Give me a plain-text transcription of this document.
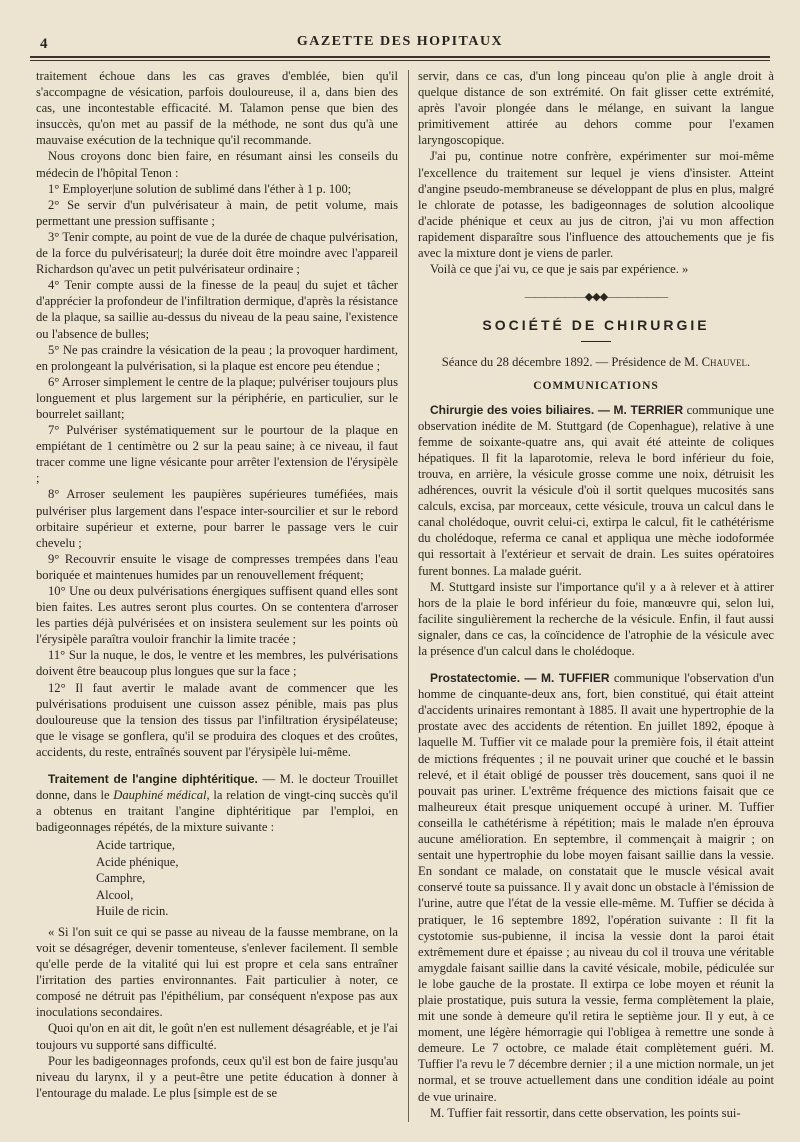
4	GAZETTE DES HOPITAUX

traitement échoue dans les cas graves d'emblée, bien qu'il s'accompagne de vésication, parfois douloureuse, il a, dans bien des cas, une incontestable efficacité. M. Talamon pense que bien des insuccès, qu'on met au passif de la méthode, ne sont dus qu'à une mauvaise exécution de la technique qu'il recommande.

Nous croyons donc bien faire, en résumant ainsi les conseils du médecin de l'hôpital Tenon :

1° Employer|une solution de sublimé dans l'éther à 1 p. 100;

2° Se servir d'un pulvérisateur à main, de petit volume, mais permettant une pression suffisante ;

3° Tenir compte, au point de vue de la durée de chaque pulvérisation, de la force du pulvérisateur|; la durée doit être moindre avec l'appareil Richardson qu'avec un petit pulvérisateur ordinaire ;

4° Tenir compte aussi de la finesse de la peau| du sujet et tâcher d'apprécier la profondeur de l'infiltration dermique, d'après la résistance de la plaque, sa saillie au-dessus du niveau de la peau saine, l'existence ou l'absence de bulles;

5° Ne pas craindre la vésication de la peau ; la provoquer hardiment, en prolongeant la pulvérisation, si la plaque est encore peu étendue ;

6° Arroser simplement le centre de la plaque; pulvériser toujours plus longuement et plus largement sur la périphérie, en particulier, sur le bourrelet saillant;

7° Pulvériser systématiquement sur le pourtour de la plaque en empiétant de 1 centimètre ou 2 sur la peau saine; à ce niveau, il faut tracer comme une ligne vésicante pour arrêter l'extension de l'érysipèle ;

8° Arroser seulement les paupières supérieures tuméfiées, mais pulvériser plus largement dans l'espace inter-sourcilier et sur le rebord orbitaire supérieur et externe, pour barrer le passage vers le cuir chevelu ;

9° Recouvrir ensuite le visage de compresses trempées dans l'eau boriquée et maintenues humides par un renouvellement fréquent;

10° Une ou deux pulvérisations énergiques suffisent quand elles sont bien faites. Les autres seront plus courtes. On se contentera d'arroser les parties déjà pulvérisées et on insistera seulement sur les points où l'érysipèle paraîtra vouloir franchir la limite tracée ;

11° Sur la nuque, le dos, le ventre et les membres, les pulvérisations doivent être beaucoup plus longues que sur la face ;

12° Il faut avertir le malade avant de commencer que les pulvérisations produisent une cuisson assez pénible, mais pas plus douloureuse que la tension des tissus par l'infiltration érysipélateuse; que le visage se gonflera, qu'il se produira des cloques et des croûtes, accidents, du reste, entraînés souvent par l'érysipèle lui-même.

Traitement de l'angine diphtéritique. — M. le docteur Trouillet donne, dans le Dauphiné médical, la relation de vingt-cinq succès qu'il a obtenus en traitant l'angine diphtéritique par l'emploi, en badigeonnages répétés, de la mixture suivante :

Acide tartrique,
Acide phénique,
Camphre,
Alcool,
Huile de ricin.

« Si l'on suit ce qui se passe au niveau de la fausse membrane, on la voit se désagréger, devenir tomenteuse, s'enlever facilement. Il semble qu'elle perde de la vitalité qui lui est propre et cela sans entraîner l'irritation des parties environnantes. Fait particulier à noter, ce composé ne détruit pas l'épithélium, par conséquent n'expose pas aux inoculations secondaires.

Quoi qu'on en ait dit, le goût n'en est nullement désagréable, et je l'ai toujours vu supporté sans difficulté.

Pour les badigeonnages profonds, ceux qu'il est bon de faire jusqu'au niveau du larynx, il y a peut-être une petite éducation à donner à l'entourage du malade. Le plus [simple est de se

servir, dans ce cas, d'un long pinceau qu'on plie à angle droit à quelque distance de son extrémité. On fait glisser cette extrémité, après l'avoir plongée dans le mélange, en suivant la langue primitivement attirée au dehors comme pour l'examen laryngoscopique.

J'ai pu, continue notre confrère, expérimenter sur moi-même l'excellence du traitement sur lequel je viens d'insister. Atteint d'angine pseudo-membraneuse se développant de plus en plus, malgré le chlorate de potasse, les badigeonnages de solution alcoolique d'acide phénique et ceux au jus de citron, j'ai vu mon affection rapidement disparaître sous l'influence des attouchements que je fis avec la mixture dont je viens de parler.

Voilà ce que j'ai vu, ce que je sais par expérience. »

——————◆◆◆——————
SOCIÉTÉ DE CHIRURGIE

Séance du 28 décembre 1892. — Présidence de M. Chauvel.

COMMUNICATIONS

Chirurgie des voies biliaires. — M. TERRIER communique une observation inédite de M. Stuttgard (de Copenhague), relative à une femme de soixante-quatre ans, qui avait été atteinte de coliques hépatiques. Il fit la laparotomie, releva le bord inférieur du foie, trouva, en arrière, la vésicule grosse comme une noix, détruisit les adhérences, ouvrit la vésicule d'où il sortit quelques mucosités sans calculs, excisa, par morceaux, cette vésicule, trouva un calcul dans le canal cholédoque, ouvrit celui-ci, extirpa le calcul, fit le cathétérisme du cholédoque, referma ce canal et appliqua une mèche iodoformée qui ressortait à l'extérieur et servait de drain. Les suites opératoires furent bonnes. La malade guérit.

M. Stuttgard insiste sur l'importance qu'il y a à relever et à attirer hors de la plaie le bord inférieur du foie, manœuvre qui, selon lui, facilite singulièrement la recherche de la vésicule. Enfin, il faut aussi signaler, dans ce cas, la coïncidence de l'atrophie de la vésicule avec la présence d'un calcul dans le cholédoque.

Prostatectomie. — M. TUFFIER communique l'observation d'un homme de cinquante-deux ans, fort, bien constitué, qui était atteint d'accidents urinaires remontant à 1885. Il avait une hypertrophie de la prostate avec des accidents de rétention. En juillet 1892, époque à laquelle M. Tuffier vit ce malade pour la première fois, il était atteint de mictions fréquentes ; il ne pouvait uriner que couché et le bassin relevé, et il était obligé de pousser très doucement, sans quoi il ne pouvait pas uriner. L'extrême fréquence des mictions faisait que ce malheureux était presque uniquement occupé à uriner. M. Tuffier conseilla le cathétérisme à répétition; mais le malade n'en éprouva aucune amélioration. En septembre, il commençait à maigrir ; on sentait une hypertrophie du lobe moyen faisant saillie dans la vessie. En sondant ce malade, on constatait que le muscle vésical avait conservé toute sa puissance. Il y avait donc un obstacle à l'émission de l'urine, autre que l'état de la vessie elle-même. M. Tuffier se décida à pratiquer, le 16 septembre 1892, l'opération suivante : Il fit la cystotomie sus-pubienne, il incisa la vessie dont la paroi était extrêmement dure et épaisse ; au niveau du col il trouva une véritable amygdale faisant saillie dans la cavité vésicale, mobile, pédiculée sur le lobe gauche de la prostate. Il extirpa ce lobe moyen et réunit la plaie prostatique, puis sutura la vessie, ferma complètement la plaie, mit une sonde à demeure qu'il retira le septième jour. Il y eut, à ce moment, une légère hémorragie qui l'obligea à remettre une sonde à demeure. Le 7 octobre, ce malade était complètement guéri. M. Tuffier l'a revu le 7 décembre dernier ; il a une miction normale, un jet normal, et se trouve actuellement dans une condition idéale au point de vue urinaire.

M. Tuffier fait ressortir, dans cette observation, les points sui-
